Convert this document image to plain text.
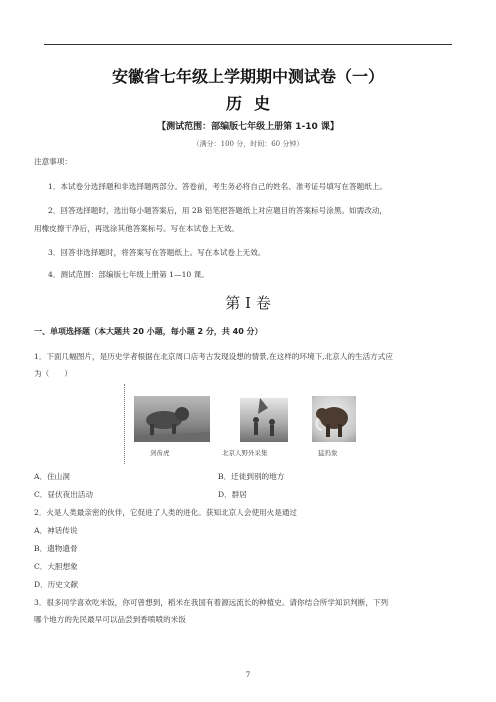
安徽省七年级上学期期中测试卷（一）
历史
【测试范围：部编版七年级上册第 1-10 课】
（满分：100 分，时间：60 分钟）
注意事项：
1．本试卷分选择题和非选择题两部分。答卷前，考生务必将自己的姓名、准考证号填写在答题纸上。
2．回答选择题时，选出每小题答案后，用 2B 铅笔把答题纸上对应题目的答案标号涂黑。如需改动，
用橡皮擦干净后，再选涂其他答案标号。写在本试卷上无效。
3．回答非选择题时，将答案写在答题纸上。写在本试卷上无效。
4．测试范围：部编版七年级上册第 1—10 课。
第 I 卷
一、单项选择题（本大题共 20 小题，每小题 2 分，共 40 分）
1．下面几幅图片，是历史学者根据在北京周口店考古发现设想的情景,在这样的环境下,北京人的生活方式应
为（　　）
剑齿虎	北京人野外采集	猛犸象
A．住山洞	B．迁徙到别的地方
C．昼伏夜出活动	D．群居
2．火是人类最亲密的伙伴，它促进了人类的进化。获知北京人会使用火是通过
A．神话传说
B．遗物遗骨
C．大胆想象
D．历史文献
3．很多同学喜欢吃米饭，你可曾想到，稻米在我国有着源远流长的种植史。请你结合所学知识判断，下列
哪个地方的先民最早可以品尝到香喷喷的米饭
7
